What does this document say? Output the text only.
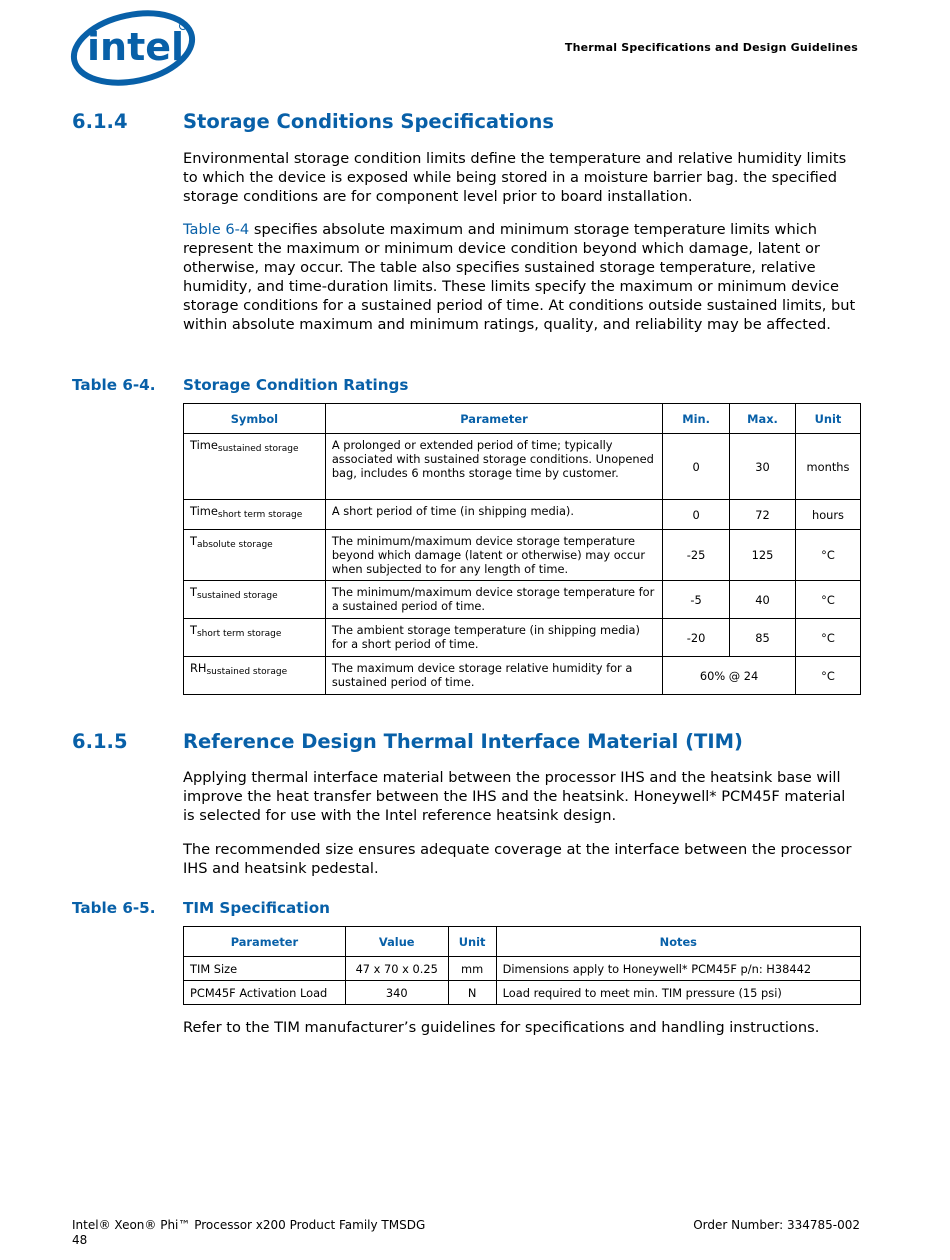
intel	Thermal Specifications and Design Guidelines
6.1.4	Storage Conditions Specifications

Environmental storage condition limits define the temperature and relative humidity limits to which the device is exposed while being stored in a moisture barrier bag. the specified storage conditions are for component level prior to board installation.

Table 6-4 specifies absolute maximum and minimum storage temperature limits which represent the maximum or minimum device condition beyond which damage, latent or otherwise, may occur. The table also specifies sustained storage temperature, relative humidity, and time-duration limits. These limits specify the maximum or minimum device storage conditions for a sustained period of time. At conditions outside sustained limits, but within absolute maximum and minimum ratings, quality, and reliability may be affected.

Table 6-4. Storage Condition Ratings
Symbol	Parameter	Min.	Max.	Unit
Time$_{sustained storage}$	A prolonged or extended period of time; typically associated with sustained storage conditions. Unopened bag, includes 6 months storage time by customer.	0	30	months
Time$_{short term storage}$	A short period of time (in shipping media).	0	72	hours
$T_{absolute storage}$	The minimum/maximum device storage temperature beyond which damage (latent or otherwise) may occur when subjected to for any length of time.	-25	125	°C
$T_{sustained storage}$	The minimum/maximum device storage temperature for a sustained period of time.	-5	40	°C
$T_{short term storage}$	The ambient storage temperature (in shipping media) for a short period of time.	-20	85	°C
$RH_{sustained storage}$	The maximum device storage relative humidity for a sustained period of time.	60% @ 24		°C
6.1.5	Reference Design Thermal Interface Material (TIM)

Applying thermal interface material between the processor IHS and the heatsink base will improve the heat transfer between the IHS and the heatsink. Honeywell* PCM45F material is selected for use with the Intel reference heatsink design.

The recommended size ensures adequate coverage at the interface between the processor IHS and heatsink pedestal.

Table 6-5. TIM Specification
Parameter	Value	Unit	Notes
TIM Size	47 x 70 x 0.25	mm	Dimensions apply to Honeywell* PCM45F p/n: H38442
PCM45F Activation Load	340	N	Load required to meet min. TIM pressure (15 psi)

Refer to the TIM manufacturer’s guidelines for specifications and handling instructions.

Intel® Xeon® Phi™ Processor x200 Product Family TMSDG
48
Order Number: 334785-002
